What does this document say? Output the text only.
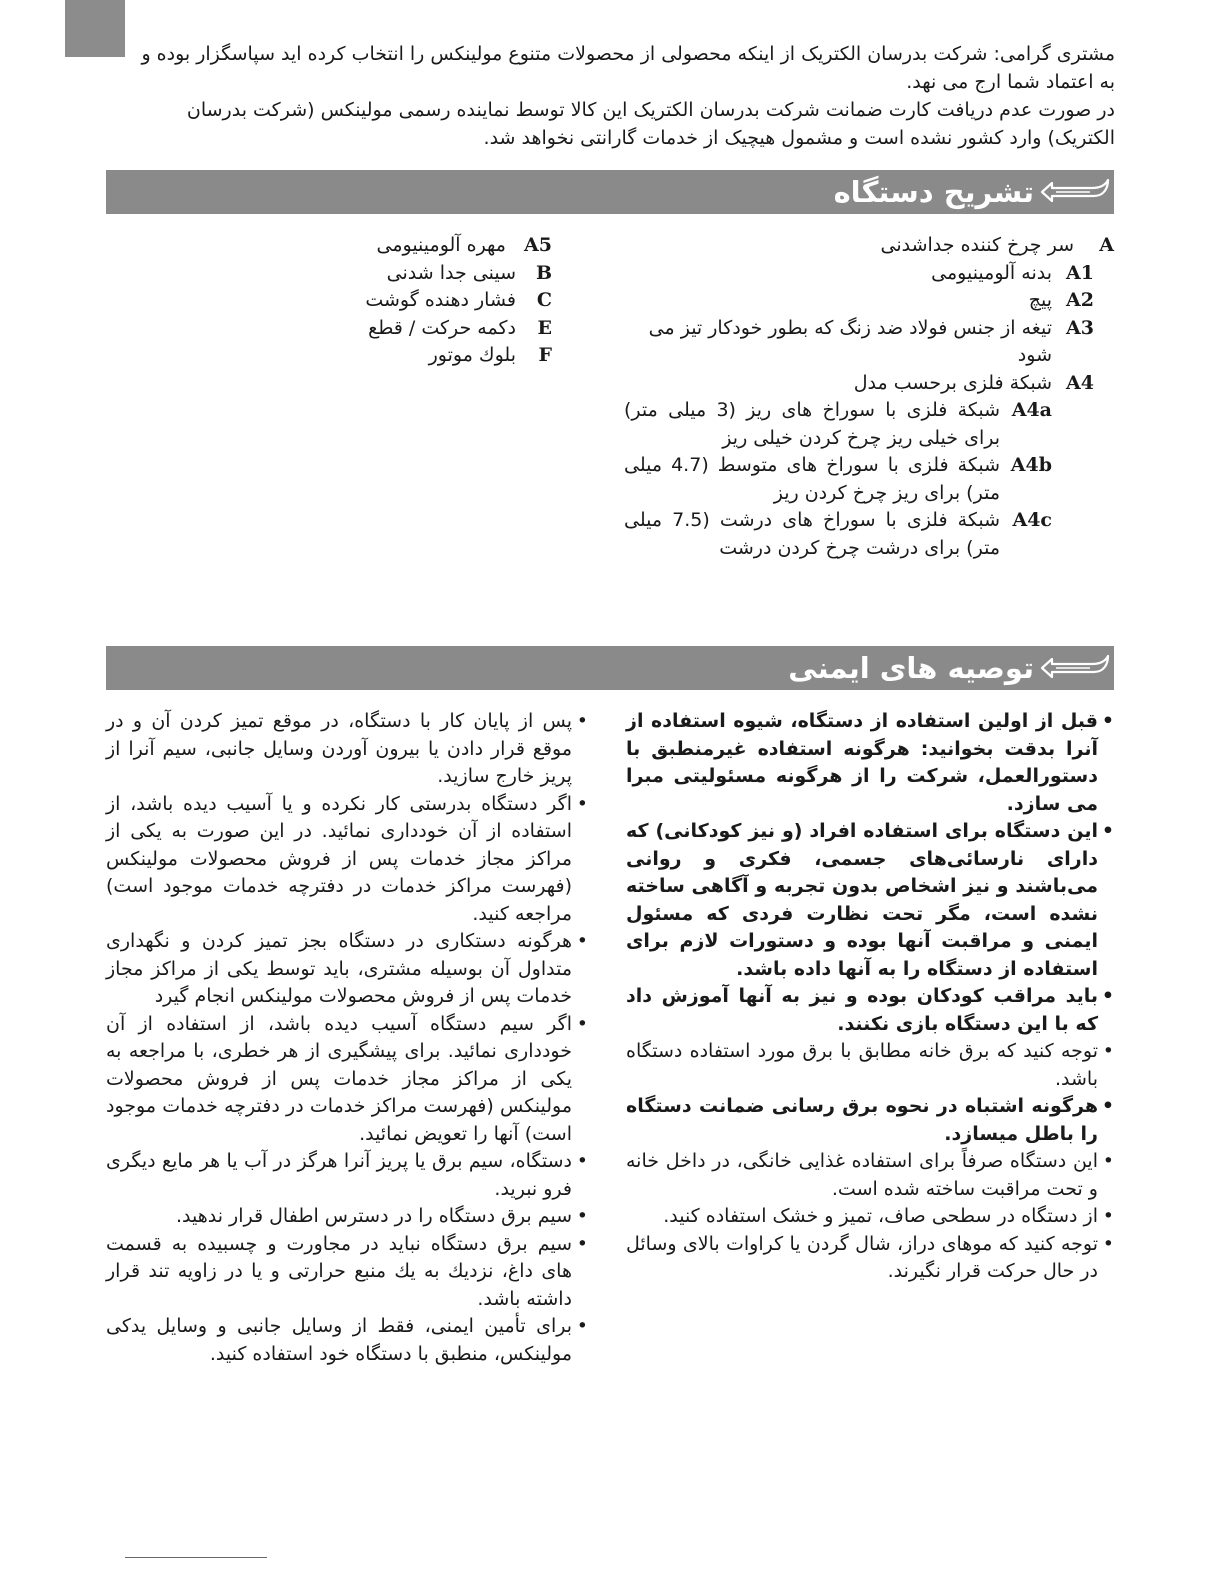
مشتری گرامی: شرکت بدرسان الکتریک از اینکه محصولی از محصولات متنوع مولینکس را انتخاب کرده اید سپاسگزار بوده و به اعتماد شما ارج می نهد.

در صورت عدم دریافت کارت ضمانت شرکت بدرسان الکتریک این کالا توسط نماینده رسمی مولینکس (شرکت بدرسان الکتریک) وارد کشور نشده است و مشمول هیچیک از خدمات گارانتی نخواهد شد.

تشریح دستگاه
A
سر چرخ کننده جداشدنی
A1
بدنه آلومینیومی
A2
پیچ
A3
تیغه از جنس فولاد ضد زنگ که بطور خودکار تیز می شود
A4
شبکة فلزی برحسب مدل
A4a
شبکة فلزی با سوراخ های ریز (3 میلی متر) برای خیلی ریز چرخ کردن خیلی ریز
A4b
شبکة فلزی با سوراخ های متوسط (4.7 میلی متر) برای ریز چرخ کردن ریز
A4c
شبکة فلزی با سوراخ های درشت (7.5 میلی متر) برای درشت چرخ کردن درشت
A5
مهره آلومینیومی
B
سینی جدا شدنی
C
فشار دهنده گوشت
E
دکمه حرکت / قطع
F
بلوك موتور
توصیه های ایمنی
• قبل از اولین استفاده از دستگاه، شیوه استفاده از آنرا بدقت بخوانید: هرگونه استفاده غیرمنطبق با دستورالعمل، شرکت را از هرگونه مسئولیتی مبرا می سازد.
• این دستگاه برای استفاده افراد (و نیز کودکانی) که دارای نارسائی‌های جسمی، فکری و روانی می‌باشند و نیز اشخاص بدون تجربه و آگاهی ساخته نشده است، مگر تحت نظارت فردی که مسئول ایمنی و مراقبت آنها بوده و دستورات لازم برای استفاده از دستگاه را به آنها داده باشد.
• باید مراقب کودکان بوده و نیز به آنها آموزش داد که با این دستگاه بازی نکنند.
• توجه کنید که برق خانه مطابق با برق مورد استفاده دستگاه باشد.
• هرگونه اشتباه در نحوه برق رسانی ضمانت دستگاه را باطل میسازد.
• این دستگاه صرفاً برای استفاده غذایی خانگی، در داخل خانه و تحت مراقبت ساخته شده است.
• از دستگاه در سطحی صاف، تمیز و خشک استفاده کنید.
• توجه کنید که موهای دراز، شال گردن یا کراوات بالای وسائل در حال حرکت قرار نگیرند.
• پس از پایان کار با دستگاه، در موقع تمیز کردن آن و در موقع قرار دادن یا بیرون آوردن وسایل جانبی، سیم آنرا از پریز خارج سازید.
• اگر دستگاه بدرستی کار نکرده و یا آسیب دیده باشد، از استفاده از آن خودداری نمائید. در این صورت به یکی از مراکز مجاز خدمات پس از فروش محصولات مولینکس (فهرست مراکز خدمات در دفترچه خدمات موجود است) مراجعه کنید.
• هرگونه دستکاری در دستگاه بجز تمیز کردن و نگهداری متداول آن بوسیله مشتری، باید توسط یکی از مراکز مجاز خدمات پس از فروش محصولات مولینکس انجام گیرد
• اگر سیم دستگاه آسیب دیده باشد، از استفاده از آن خودداری نمائید. برای پیشگیری از هر خطری، با مراجعه به یکی از مراکز مجاز خدمات پس از فروش محصولات مولینکس (فهرست مراکز خدمات در دفترچه خدمات موجود است) آنها را تعویض نمائید.
• دستگاه، سیم برق یا پریز آنرا هرگز در آب یا هر مایع دیگری فرو نبرید.
• سیم برق دستگاه را در دسترس اطفال قرار ندهید.
• سیم برق دستگاه نباید در مجاورت و چسبیده به قسمت های داغ، نزدیك به یك منبع حرارتی و یا در زاویه تند قرار داشته باشد.
• برای تأمین ایمنی، فقط از وسایل جانبی و وسایل یدکی مولینکس، منطبق با دستگاه خود استفاده کنید.
